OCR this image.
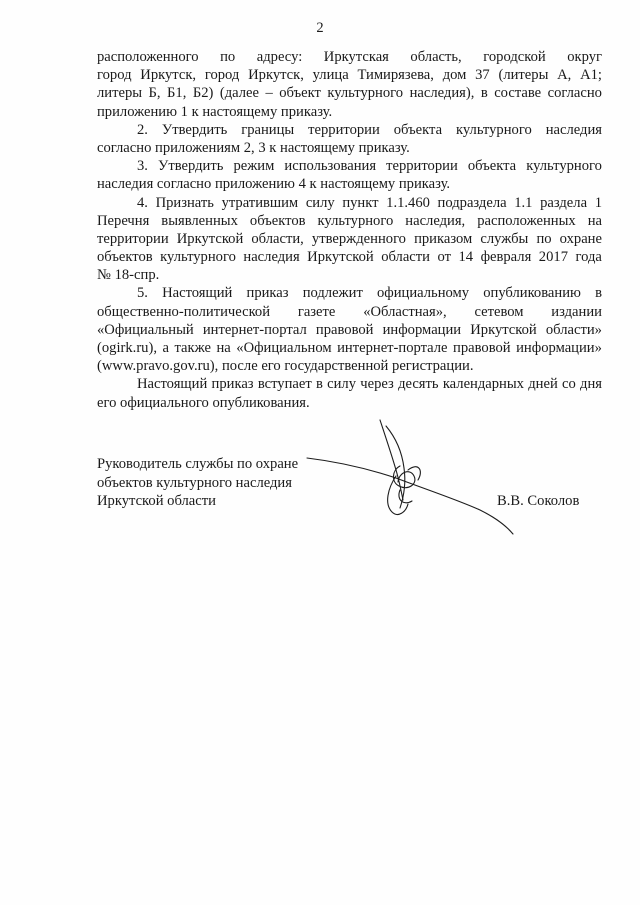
2
расположенного по адресу: Иркутская область, городской округ
город Иркутск, город Иркутск, улица Тимирязева, дом 37 (литеры А, А1;
литеры Б, Б1, Б2) (далее – объект культурного наследия), в составе согласно
приложению 1 к настоящему приказу.
2. Утвердить границы территории объекта культурного наследия
согласно приложениям 2, 3 к настоящему приказу.
3. Утвердить режим использования территории объекта культурного
наследия согласно приложению 4 к настоящему приказу.
4. Признать утратившим силу пункт 1.1.460 подраздела 1.1 раздела 1
Перечня выявленных объектов культурного наследия, расположенных на
территории Иркутской области, утвержденного приказом службы по охране
объектов культурного наследия Иркутской области от 14 февраля 2017 года
№ 18-спр.
5. Настоящий приказ подлежит официальному опубликованию в
общественно-политической газете «Областная», сетевом издании
«Официальный интернет-портал правовой информации Иркутской области»
(ogirk.ru), а также на «Официальном интернет-портале правовой информации»
(www.pravo.gov.ru), после его государственной регистрации.
Настоящий приказ вступает в силу через десять календарных дней со дня
его официального опубликования.
Руководитель службы по охране
объектов культурного наследия
Иркутской области	В.В. Соколов
